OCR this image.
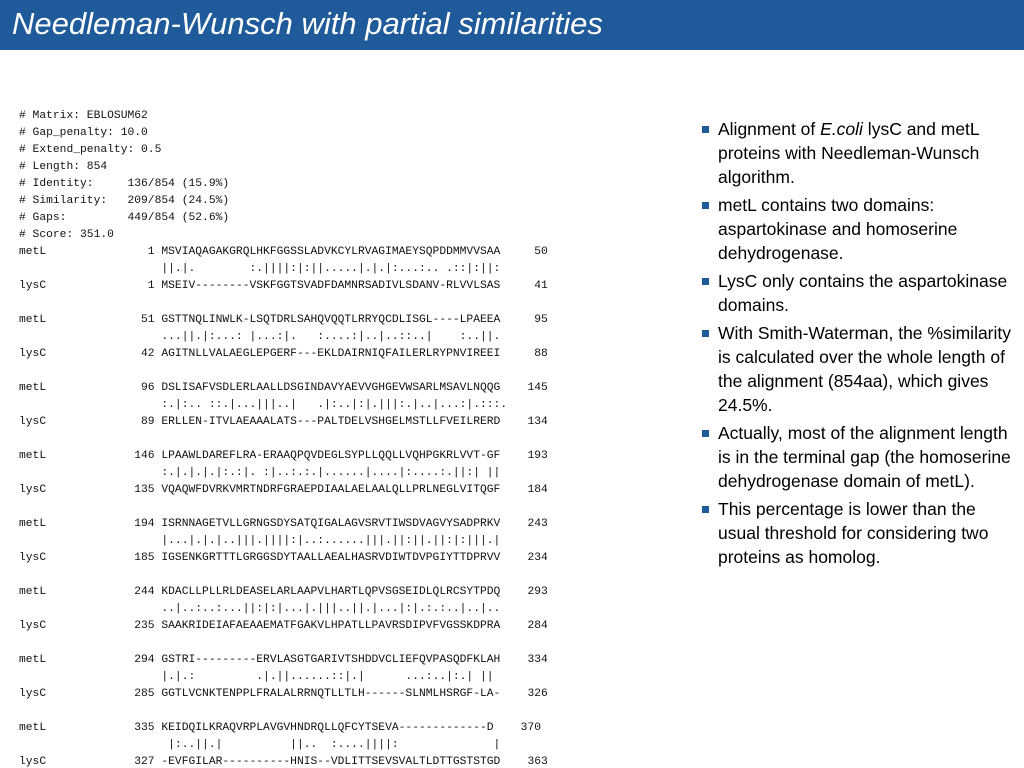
Needleman-Wunsch with partial similarities
# Matrix: EBLOSUM62
# Gap_penalty: 10.0
# Extend_penalty: 0.5
# Length: 854
# Identity:     136/854 (15.9%)
# Similarity:   209/854 (24.5%)
# Gaps:         449/854 (52.6%)
# Score: 351.0
metL               1 MSVIAQAGAKGRQLHKFGGSSLADVKCYLRVAGIMAEYSQPDDMMVVSAA     50
||.|.        :.||||:|:||.....|.|.|:...:.. .::|:||:
lysC               1 MSEIV--------VSKFGGTSVADFDAMNRSADIVLSDANV-RLVVLSAS     41

metL              51 GSTTNQLINWLK-LSQTDRLSAHQVQQTLRRYQCDLISGL----LPAEEA     95
...||.|:...: |...:|.   :....:|..|..::..|    :..||.
lysC              42 AGITNLLVALAEGLEPGERF---EKLDAIRNIQFAILERLRYPNVIREEI     88

metL              96 DSLISAFVSDLERLAALLDSGINDAVYAEVVGHGEVWSARLMSAVLNQQG    145
:.|:.. ::.|...|||..|   .|:..|:|.|||:.|..|...:|.:::.
lysC              89 ERLLEN-ITVLAEAAALATS---PALTDELVSHGELMSTLLFVEILRERD    134

metL             146 LPAAWLDAREFLRA-ERAAQPQVDEGLSYPLLQQLLVQHPGKRLVVT-GF    193
:.|.|.|.|:.:|. :|..:.:.|......|....|:....:.||:| ||
lysC             135 VQAQWFDVRKVMRTNDRFGRAEPDIAALAELAALQLLPRLNEGLVITQGF    184

metL             194 ISRNNAGETVLLGRNGSDYSATQIGALAGVSRVTIWSDVAGVYSADPRKV    243
|...|.|.|..|||.||||:|..:......|||.||:||.||:|:|||.|
lysC             185 IGSENKGRTTTLGRGGSDYTAALLAEALHASRVDIWTDVPGIYTTDPRVV    234

metL             244 KDACLLPLLRLDEASELARLAAPVLHARTLQPVSGSEIDLQLRCSYTPDQ    293
..|..:..:...||:|:|...|.|||..||.|...|:|.:.:..|..|..
lysC             235 SAAKRIDEIAFAEAAEMATFGAKVLHPATLLPAVRSDIPVFVGSSKDPRA    284

metL             294 GSTRI---------ERVLASGTGARIVTSHDDVCLIEFQVPASQDFKLAH    334
|.|.:         .|.||......::|.|      ...:..|:.| ||
lysC             285 GGTLVCNKTENPPLFRALALRRNQTLLTLH------SLNMLHSRGF-LA-    326

metL             335 KEIDQILKRAQVRPLAVGVHNDRQLLQFCYTSEVA-------------D    370
|:..||.|          ||..  :....||||:              |
lysC             327 -EVFGILAR----------HNIS--VDLITTSEVSVALTLDTTGSTSTGD    363
Alignment of E.coli lysC and metL proteins with Needleman-Wunsch algorithm.
metL contains two domains: aspartokinase and homoserine dehydrogenase.
LysC only contains the aspartokinase domains.
With Smith-Waterman, the %similarity is calculated over the whole length of the alignment (854aa), which gives 24.5%.
Actually, most of the alignment length is in the terminal gap (the homoserine dehydrogenase domain of metL).
This percentage is lower than the usual threshold for considering two proteins as homolog.
